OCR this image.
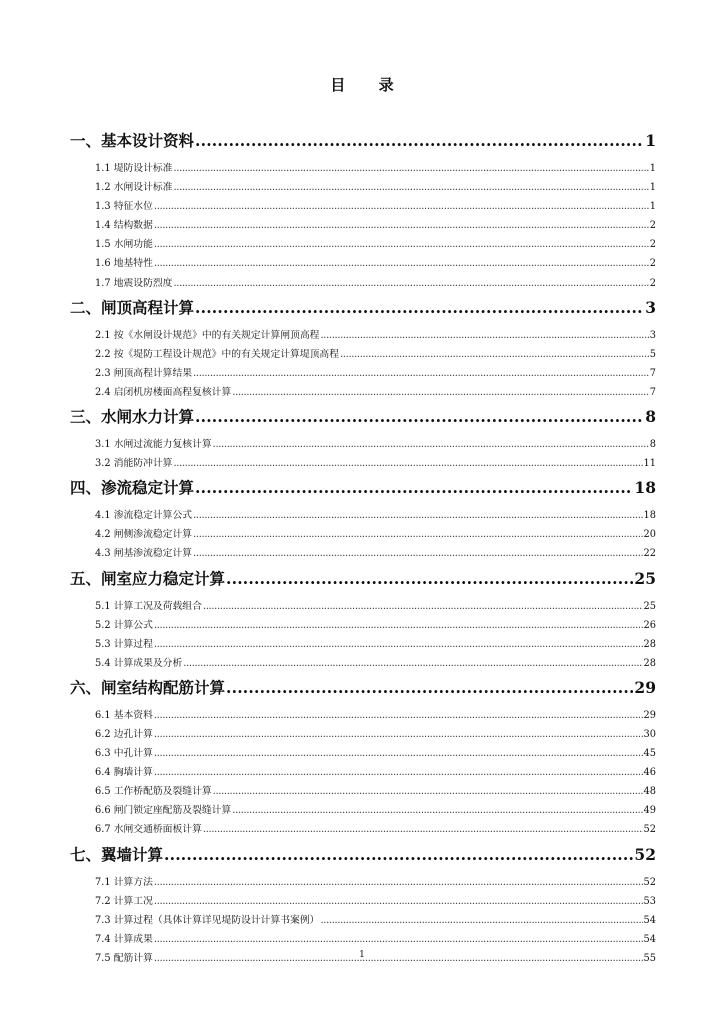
目 录
一、基本设计资料 .....	1
1.1 堤防设计标准 .....	1
1.2 水闸设计标准 .....	1
1.3 特征水位 .....	1
1.4 结构数据 .....	2
1.5 水闸功能 .....	2
1.6 地基特性 .....	2
1.7 地震设防烈度 .....	2
二、闸顶高程计算 .....	3
2.1 按《水闸设计规范》中的有关规定计算闸顶高程 .....	3
2.2 按《堤防工程设计规范》中的有关规定计算堤顶高程 .....	5
2.3 闸顶高程计算结果 .....	7
2.4 启闭机房楼面高程复核计算 .....	7
三、水闸水力计算 .....	8
3.1 水闸过流能力复核计算 .....	8
3.2 消能防冲计算 .....	11
四、渗流稳定计算 .....	18
4.1 渗流稳定计算公式 .....	18
4.2 闸侧渗流稳定计算 .....	20
4.3 闸基渗流稳定计算 .....	22
五、闸室应力稳定计算 .....	25
5.1 计算工况及荷载组合 .....	25
5.2 计算公式 .....	26
5.3 计算过程 .....	28
5.4 计算成果及分析 .....	28
六、闸室结构配筋计算 .....	29
6.1 基本资料 .....	29
6.2 边孔计算 .....	30
6.3 中孔计算 .....	45
6.4 胸墙计算 .....	46
6.5 工作桥配筋及裂缝计算 .....	48
6.6 闸门锁定座配筋及裂缝计算 .....	49
6.7 水闸交通桥面板计算 .....	52
七、翼墙计算 .....	52
7.1 计算方法 .....	52
7.2 计算工况 .....	53
7.3 计算过程（具体计算详见堤防设计计算书案例） .....	54
7.4 计算成果 .....	54
7.5 配筋计算 .....	55
1
